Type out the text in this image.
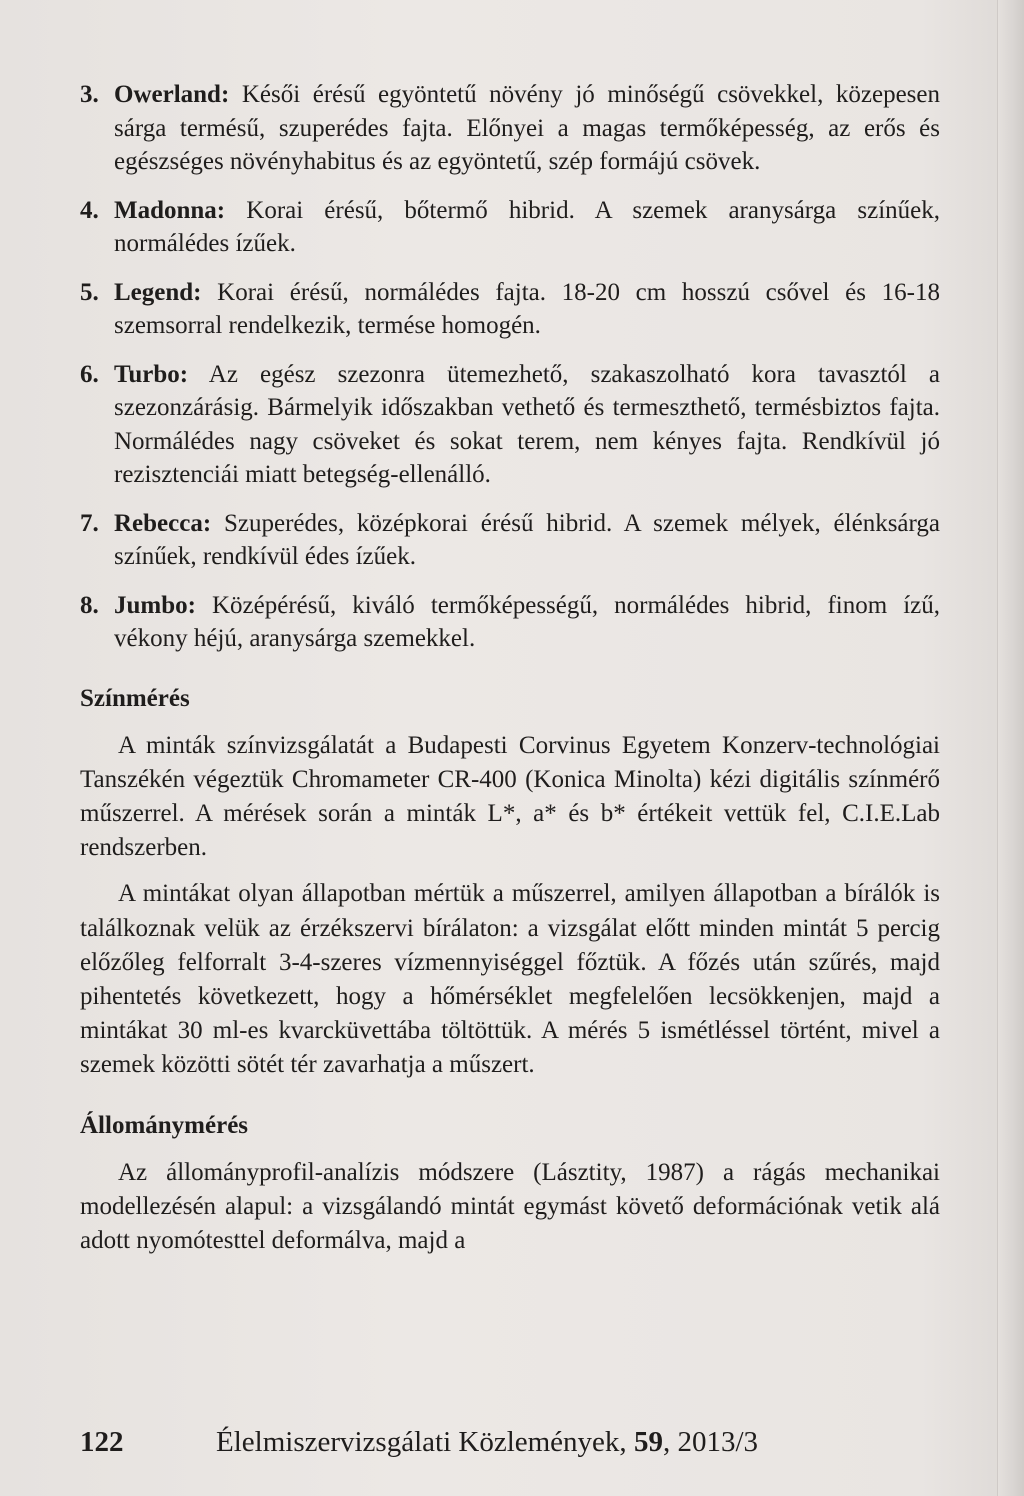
3. Owerland: Késői érésű egyöntetű növény jó minőségű csövekkel, közepesen sárga termésű, szuperédes fajta. Előnyei a magas termőképesség, az erős és egészséges növényhabitus és az egyöntetű, szép formájú csövek.
4. Madonna: Korai érésű, bőtermő hibrid. A szemek aranysárga színűek, normálédes ízűek.
5. Legend: Korai érésű, normálédes fajta. 18-20 cm hosszú csővel és 16-18 szemsorral rendelkezik, termése homogén.
6. Turbo: Az egész szezonra ütemezhető, szakaszolható kora tavasztól a szezonzárásig. Bármelyik időszakban vethető és termeszthető, termésbiztos fajta. Normálédes nagy csöveket és sokat terem, nem kényes fajta. Rendkívül jó rezisztenciái miatt betegség-ellenálló.
7. Rebecca: Szuperédes, középkorai érésű hibrid. A szemek mélyek, élénksárga színűek, rendkívül édes ízűek.
8. Jumbo: Középérésű, kiváló termőképességű, normálédes hibrid, finom ízű, vékony héjú, aranysárga szemekkel.
Színmérés

A minták színvizsgálatát a Budapesti Corvinus Egyetem Konzerv-technológiai Tanszékén végeztük Chromameter CR-400 (Konica Minolta) kézi digitális színmérő műszerrel. A mérések során a minták L*, a* és b* értékeit vettük fel, C.I.E.Lab rendszerben.

A mintákat olyan állapotban mértük a műszerrel, amilyen állapotban a bírálók is találkoznak velük az érzékszervi bírálaton: a vizsgálat előtt minden mintát 5 percig előzőleg felforralt 3-4-szeres vízmennyiséggel főztük. A főzés után szűrés, majd pihentetés következett, hogy a hőmérséklet megfelelően lecsökkenjen, majd a mintákat 30 ml-es kvarcküvettába töltöttük. A mérés 5 ismétléssel történt, mivel a szemek közötti sötét tér zavarhatja a műszert.

Állománymérés

Az állományprofil-analízis módszere (Lásztity, 1987) a rágás mechanikai modellezésén alapul: a vizsgálandó mintát egymást követő deformációnak vetik alá adott nyomótesttel deformálva, majd a

122	Élelmiszervizsgálati Közlemények, 59, 2013/3
